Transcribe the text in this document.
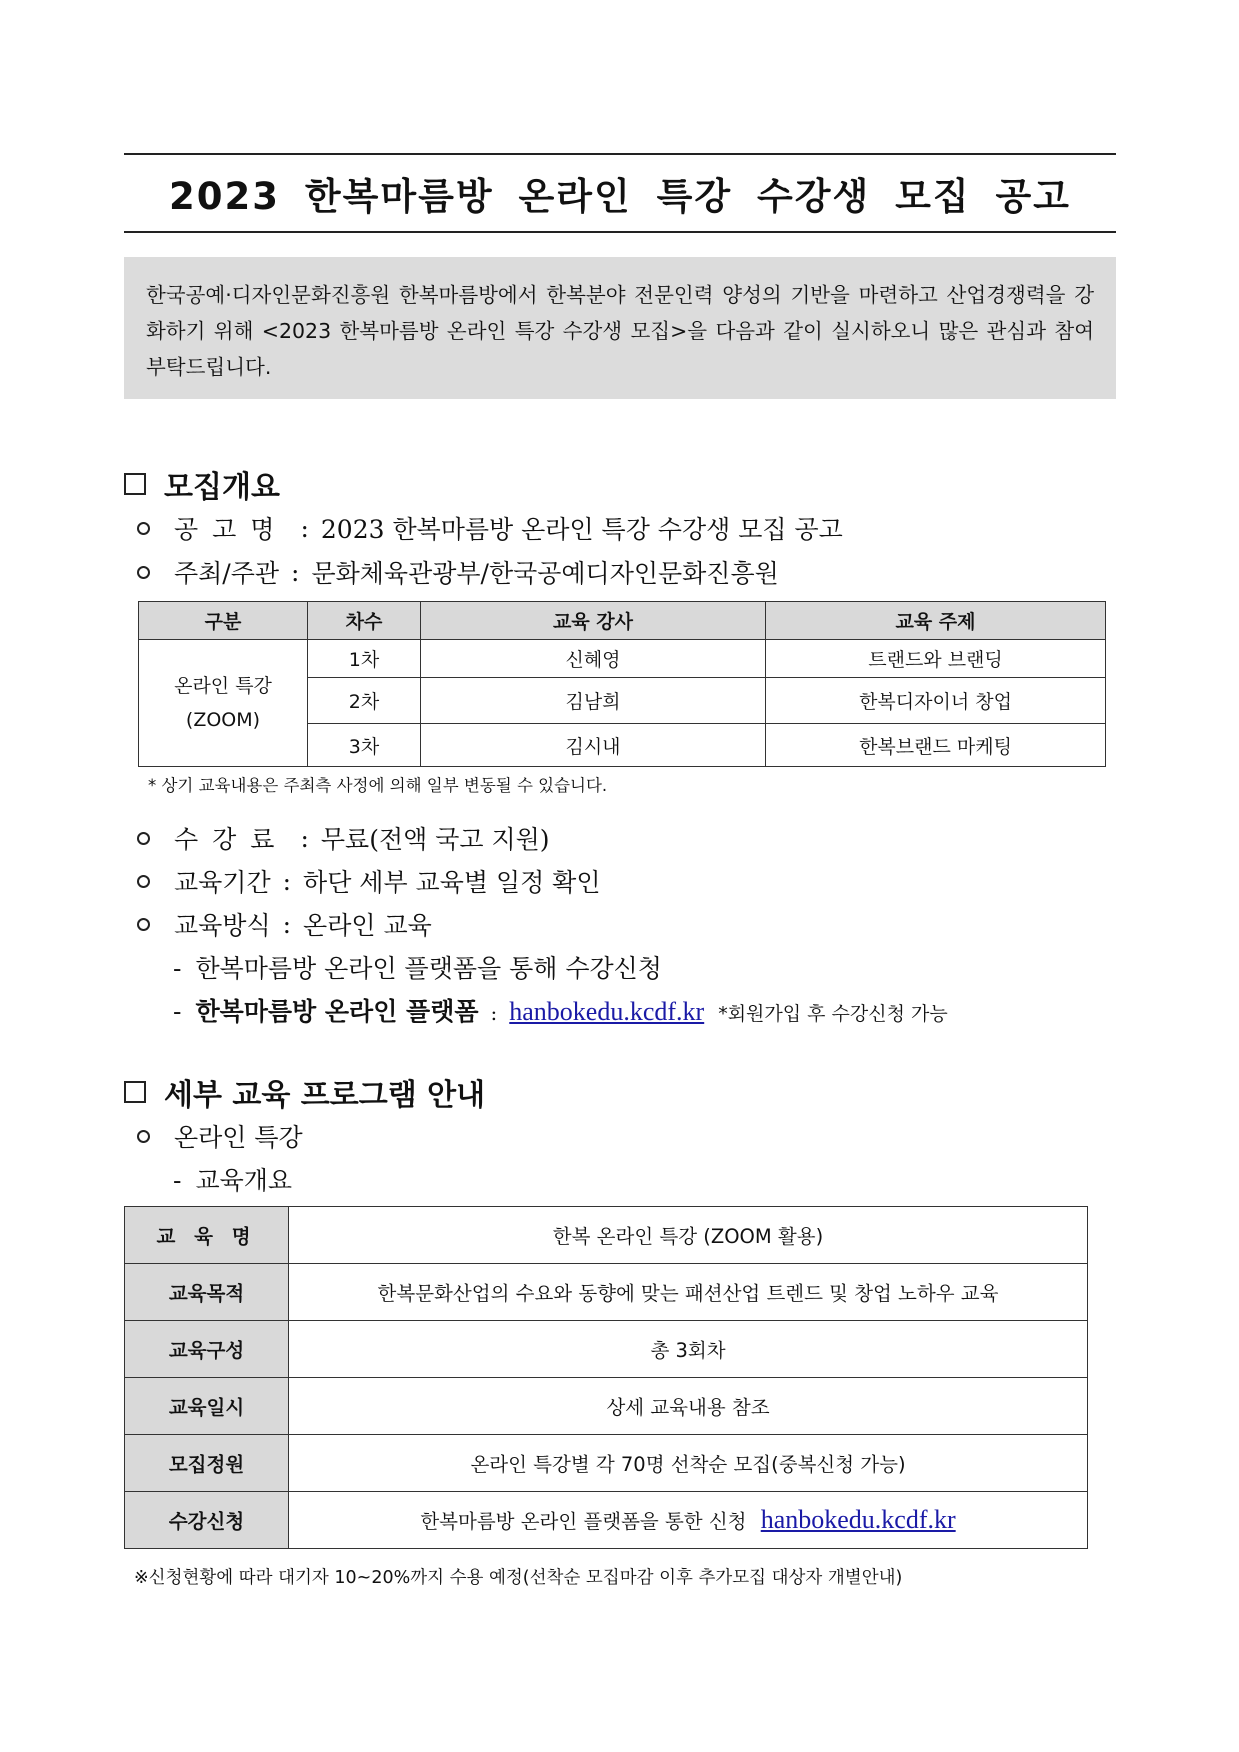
2023 한복마름방 온라인 특강 수강생 모집 공고
한국공예·디자인문화진흥원 한복마름방에서 한복분야 전문인력 양성의 기반을 마련하고 산업경쟁력을 강화하기 위해 <2023 한복마름방 온라인 특강 수강생 모집>을 다음과 같이 실시하오니 많은 관심과 참여 부탁드립니다.
모집개요
공고명 : 2023 한복마름방 온라인 특강 수강생 모집 공고
주최/주관 : 문화체육관광부/한국공예디자인문화진흥원
구분	차수	교육 강사	교육 주제
온라인 특강
(ZOOM)	1차	신혜영	트랜드와 브랜딩
	2차	김남희	한복디자이너 창업
	3차	김시내	한복브랜드 마케팅
* 상기 교육내용은 주최측 사정에 의해 일부 변동될 수 있습니다.
수강료 : 무료(전액 국고 지원)
교육기간 : 하단 세부 교육별 일정 확인
교육방식 : 온라인 교육
- 한복마름방 온라인 플랫폼을 통해 수강신청
- 한복마름방 온라인 플랫폼 : hanbokedu.kcdf.kr *회원가입 후 수강신청 가능
세부 교육 프로그램 안내
온라인 특강
- 교육개요
교 육 명	한복 온라인 특강 (ZOOM 활용)
교육목적	한복문화산업의 수요와 동향에 맞는 패션산업 트렌드 및 창업 노하우 교육
교육구성	총 3회차
교육일시	상세 교육내용 참조
모집정원	온라인 특강별 각 70명 선착순 모집(중복신청 가능)
수강신청	한복마름방 온라인 플랫폼을 통한 신청 hanbokedu.kcdf.kr
※신청현황에 따라 대기자 10~20%까지 수용 예정(선착순 모집마감 이후 추가모집 대상자 개별안내)
